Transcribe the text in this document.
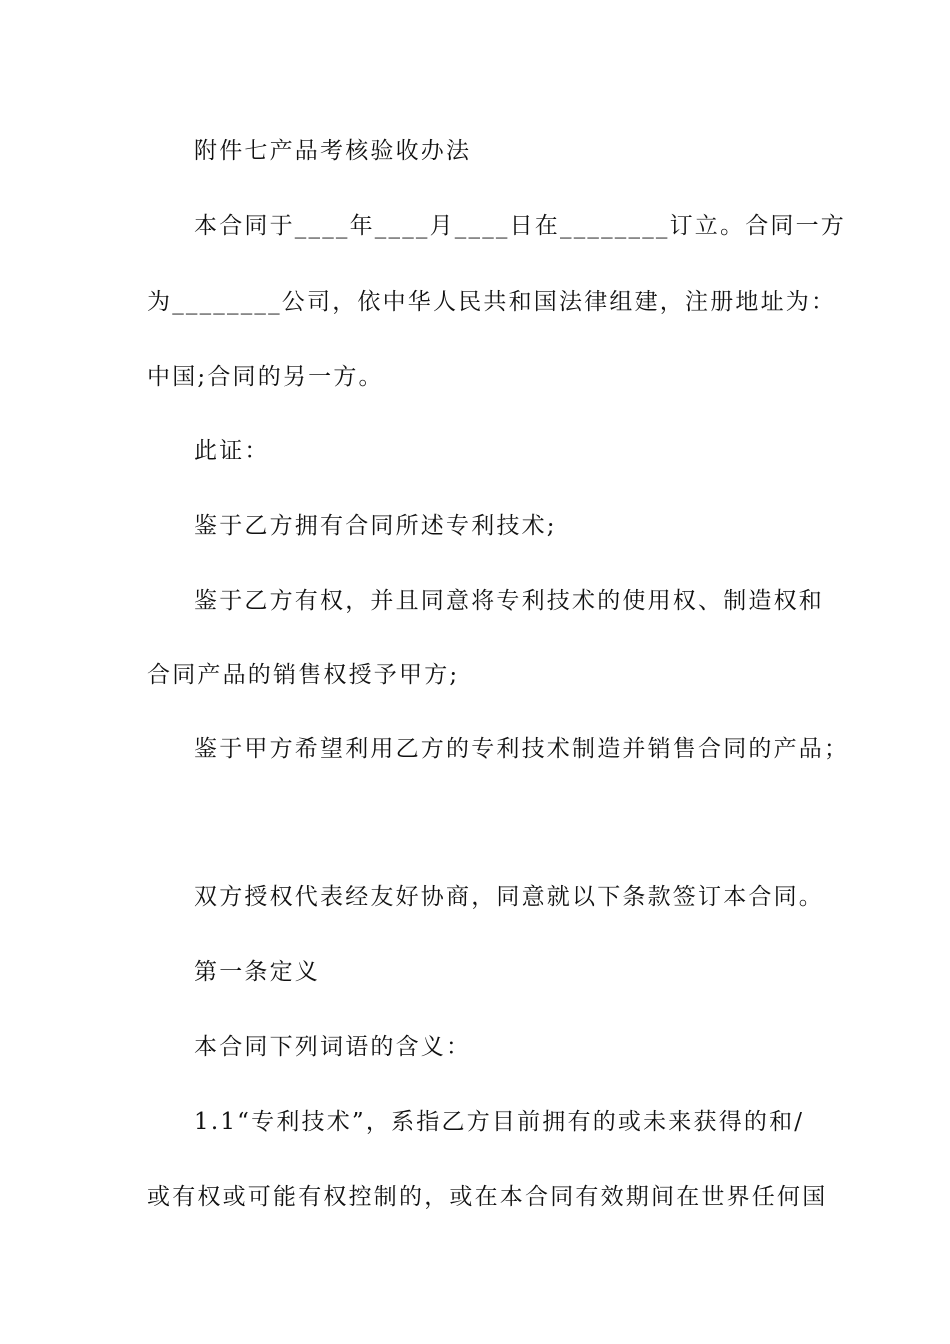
附件七产品考核验收办法
本合同于____年____月____日在________订立。合同一方
为________公司，依中华人民共和国法律组建，注册地址为：
中国;合同的另一方。
此证：
鉴于乙方拥有合同所述专利技术;
鉴于乙方有权，并且同意将专利技术的使用权、制造权和
合同产品的销售权授予甲方;
鉴于甲方希望利用乙方的专利技术制造并销售合同的产品；
双方授权代表经友好协商，同意就以下条款签订本合同。
第一条定义
本合同下列词语的含义：
1.1“专利技术”，系指乙方目前拥有的或未来获得的和/
或有权或可能有权控制的，或在本合同有效期间在世界任何国
